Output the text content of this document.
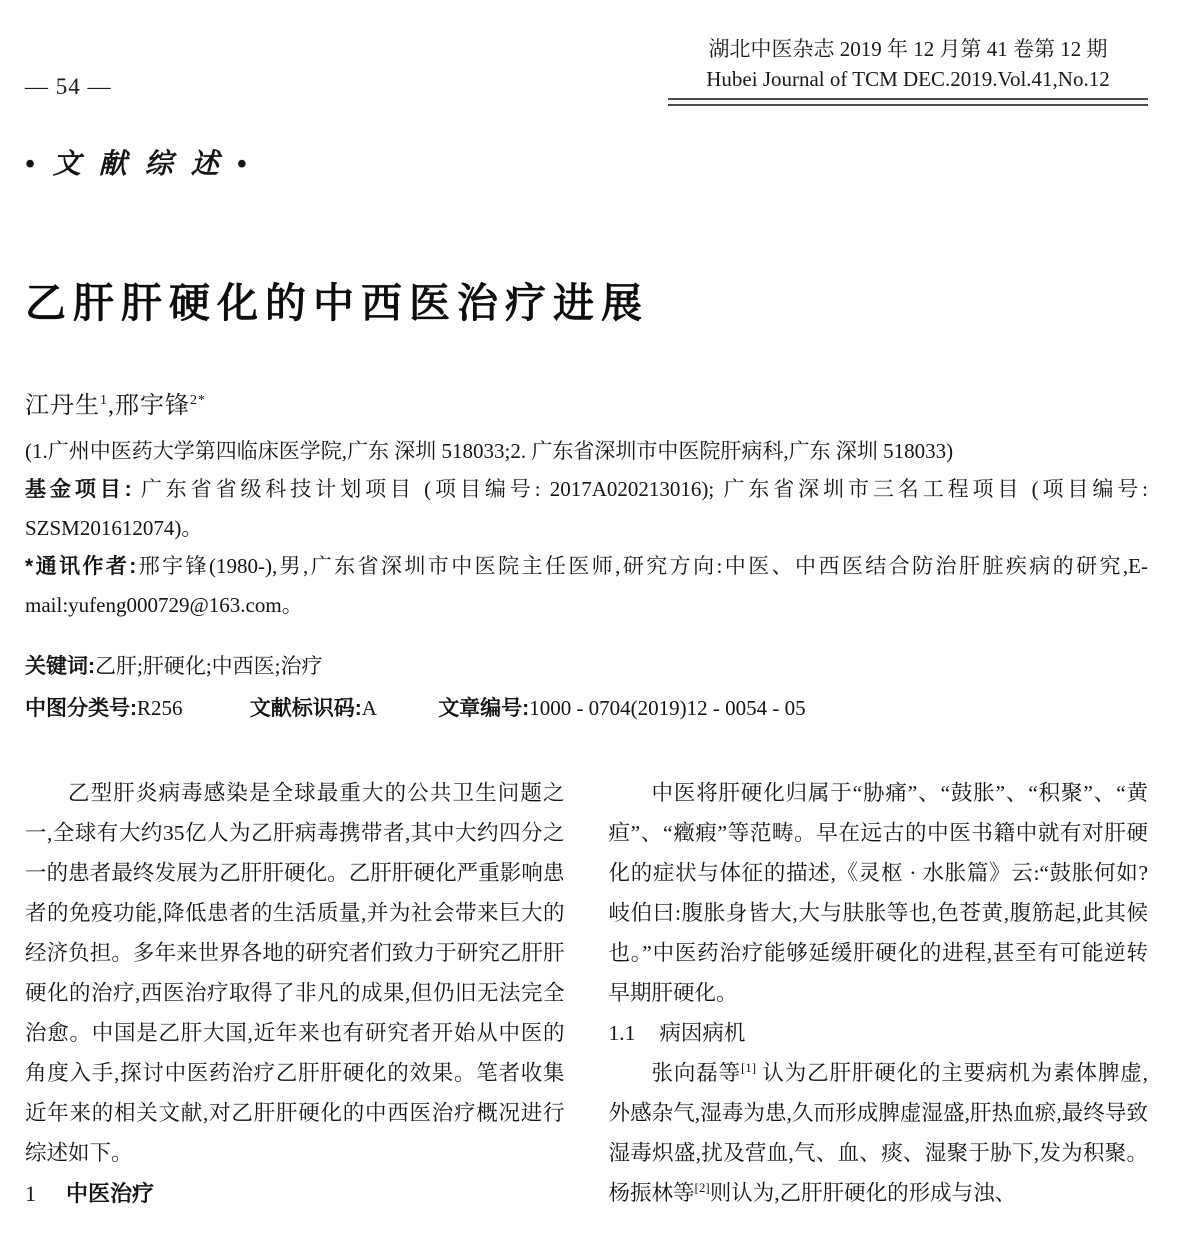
— 54 —
湖北中医杂志 2019 年 12 月第 41 卷第 12 期
Hubei Journal of TCM DEC.2019.Vol.41,No.12
•文献综述•
乙肝肝硬化的中西医治疗进展
江丹生$^1$,邢宇锋$^{2*}$

(1.广州中医药大学第四临床医学院,广东 深圳 518033;2. 广东省深圳市中医院肝病科,广东 深圳 518033)

基金项目: 广东省省级科技计划项目 (项目编号: 2017A020213016); 广东省深圳市三名工程项目 (项目编号: SZSM201612074)。

*通讯作者:邢宇锋(1980-),男,广东省深圳市中医院主任医师,研究方向:中医、中西医结合防治肝脏疾病的研究,E-mail:yufeng000729@163.com。

关键词:乙肝;肝硬化;中西医;治疗
中图分类号:R256	文献标识码:A	文章编号:1000 - 0704(2019)12 - 0054 - 05

乙型肝炎病毒感染是全球最重大的公共卫生问题之一,全球有大约35亿人为乙肝病毒携带者,其中大约四分之一的患者最终发展为乙肝肝硬化。乙肝肝硬化严重影响患者的免疫功能,降低患者的生活质量,并为社会带来巨大的经济负担。多年来世界各地的研究者们致力于研究乙肝肝硬化的治疗,西医治疗取得了非凡的成果,但仍旧无法完全治愈。中国是乙肝大国,近年来也有研究者开始从中医的角度入手,探讨中医药治疗乙肝肝硬化的效果。笔者收集近年来的相关文献,对乙肝肝硬化的中西医治疗概况进行综述如下。

1 中医治疗

中医将肝硬化归属于“胁痛”、“鼓胀”、“积聚”、“黄疸”、“癥瘕”等范畴。早在远古的中医书籍中就有对肝硬化的症状与体征的描述,《灵枢 · 水胀篇》云:“鼓胀何如? 岐伯曰:腹胀身皆大,大与肤胀等也,色苍黄,腹筋起,此其候也。”中医药治疗能够延缓肝硬化的进程,甚至有可能逆转早期肝硬化。

1.1 病因病机

张向磊等[1] 认为乙肝肝硬化的主要病机为素体脾虚,外感杂气,湿毒为患,久而形成脾虚湿盛,肝热血瘀,最终导致湿毒炽盛,扰及营血,气、血、痰、湿聚于胁下,发为积聚。杨振林等[2]则认为,乙肝肝硬化的形成与浊、
